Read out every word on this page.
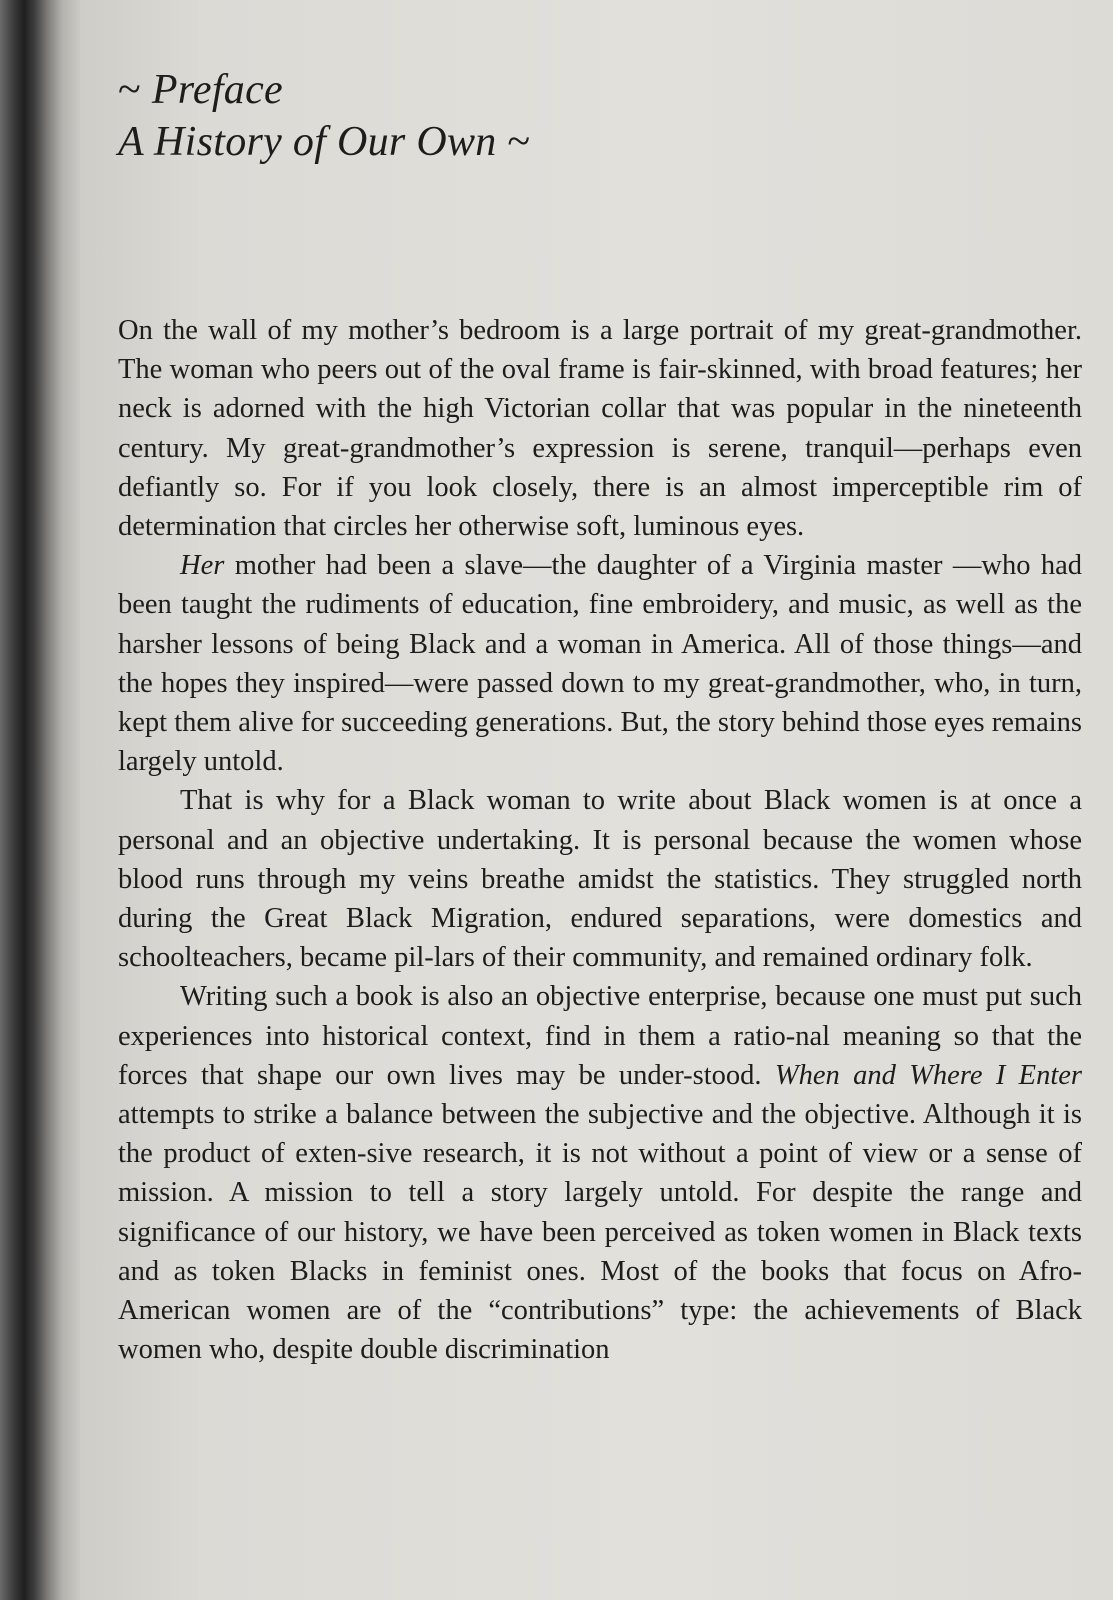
~ Preface
A History of Our Own ~

On the wall of my mother’s bedroom is a large portrait of my great-grandmother. The woman who peers out of the oval frame is fair-skinned, with broad features; her neck is adorned with the high Victorian collar that was popular in the nineteenth century. My great-grandmother’s expression is serene, tranquil—perhaps even defiantly so. For if you look closely, there is an almost imperceptible rim of determination that circles her otherwise soft, luminous eyes.

Her mother had been a slave—the daughter of a Virginia master —who had been taught the rudiments of education, fine embroidery, and music, as well as the harsher lessons of being Black and a woman in America. All of those things—and the hopes they inspired—were passed down to my great-grandmother, who, in turn, kept them alive for succeeding generations. But, the story behind those eyes remains largely untold.

That is why for a Black woman to write about Black women is at once a personal and an objective undertaking. It is personal because the women whose blood runs through my veins breathe amidst the statistics. They struggled north during the Great Black Migration, endured separations, were domestics and schoolteachers, became pil-lars of their community, and remained ordinary folk.

Writing such a book is also an objective enterprise, because one must put such experiences into historical context, find in them a ratio-nal meaning so that the forces that shape our own lives may be under-stood. When and Where I Enter attempts to strike a balance between the subjective and the objective. Although it is the product of exten-sive research, it is not without a point of view or a sense of mission. A mission to tell a story largely untold. For despite the range and significance of our history, we have been perceived as token women in Black texts and as token Blacks in feminist ones. Most of the books that focus on Afro-American women are of the “contributions” type: the achievements of Black women who, despite double discrimination
